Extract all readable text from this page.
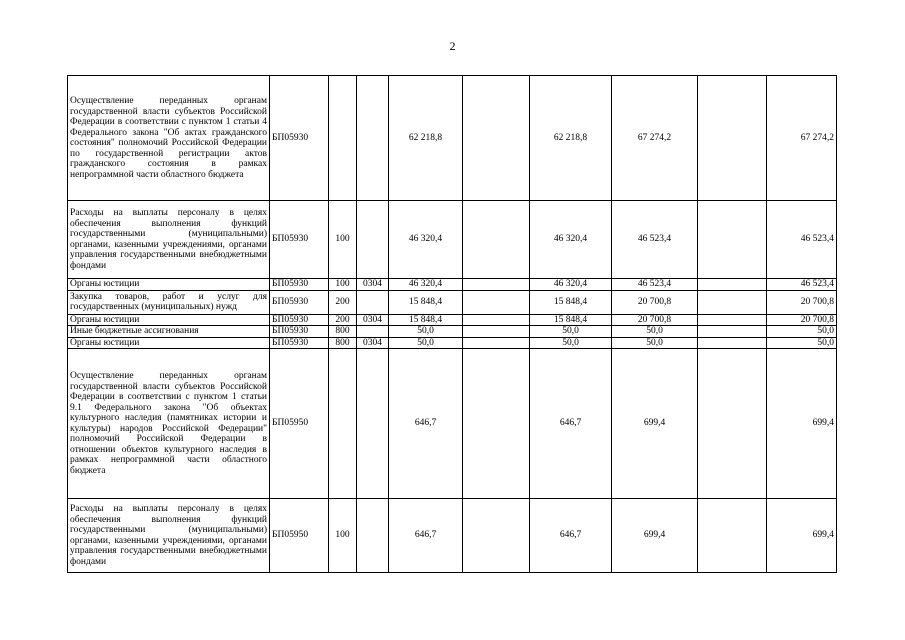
2
Осуществление переданных органам государственной власти субъектов Российской Федерации в соответствии с пунктом 1 статьи 4 Федерального закона "Об актах гражданского состояния" полномочий Российской Федерации по государственной регистрации актов гражданского состояния в рамках непрограммной части областного бюджета	БП05930			62 218,8		62 218,8	67 274,2		67 274,2
Расходы на выплаты персоналу в целях обеспечения выполнения функций государственными (муниципальными) органами, казенными учреждениями, органами управления государственными внебюджетными фондами	БП05930	100		46 320,4		46 320,4	46 523,4		46 523,4
Органы юстиции	БП05930	100	0304	46 320,4		46 320,4	46 523,4		46 523,4
Закупка товаров, работ и услуг для государственных (муниципальных) нужд	БП05930	200		15 848,4		15 848,4	20 700,8		20 700,8
Органы юстиции	БП05930	200	0304	15 848,4		15 848,4	20 700,8		20 700,8
Иные бюджетные ассигнования	БП05930	800		50,0		50,0	50,0		50,0
Органы юстиции	БП05930	800	0304	50,0		50,0	50,0		50,0
Осуществление переданных органам государственной власти субъектов Российской Федерации в соответствии с пунктом 1 статьи 9.1 Федерального закона "Об объектах культурного наследия (памятниках истории и культуры) народов Российской Федерации" полномочий Российской Федерации в отношении объектов культурного наследия в рамках непрограммной части областного бюджета	БП05950			646,7		646,7	699,4		699,4
Расходы на выплаты персоналу в целях обеспечения выполнения функций государственными (муниципальными) органами, казенными учреждениями, органами управления государственными внебюджетными фондами	БП05950	100		646,7		646,7	699,4		699,4
